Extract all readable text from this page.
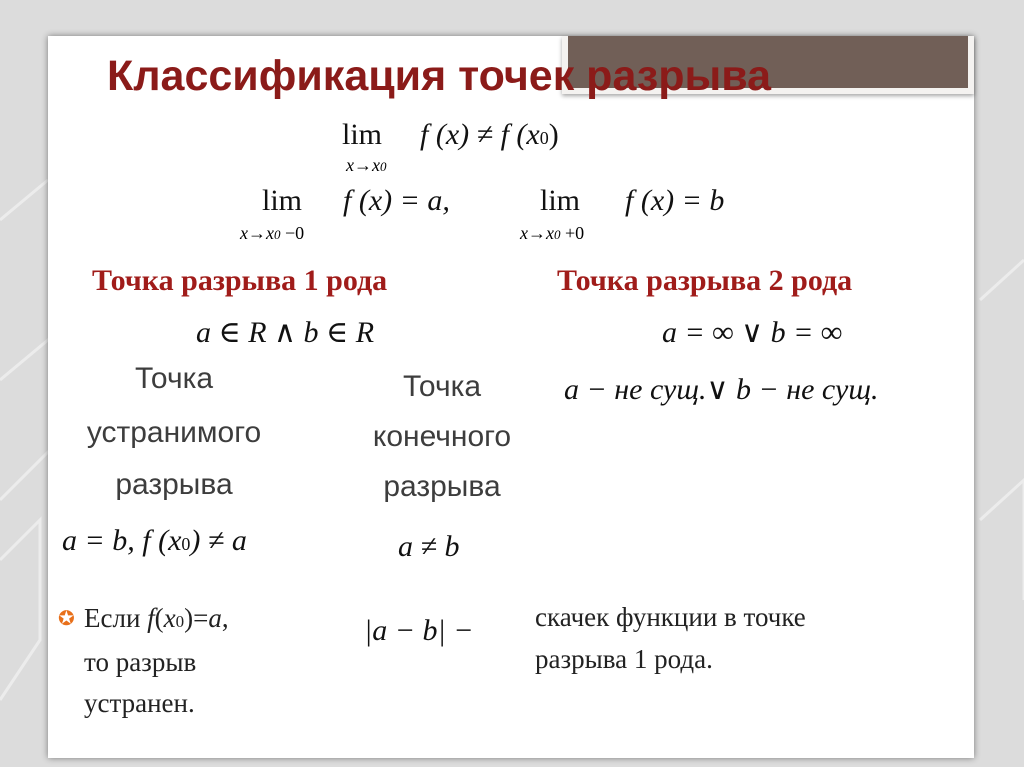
Классификация точек разрыва
lim
x→x0
f (x) ≠ f (x0)
lim
x→x0 −0
f (x) = a,	lim
x→x0 +0
f (x) = b
Точка разрыва 1 рода	Точка разрыва 2 рода
a ∈ R ∧ b ∈ R	a = ∞ ∨ b = ∞
a − не сущ.∨ b − не сущ.
Точка
устранимого
разрыва
Точка
конечного
разрыва
a = b, f (x0) ≠ a	a ≠ b
✪ Если f(x0)=a,
то разрыв
устранен.
|a − b| − скачек функции в точке
разрыва 1 рода.
